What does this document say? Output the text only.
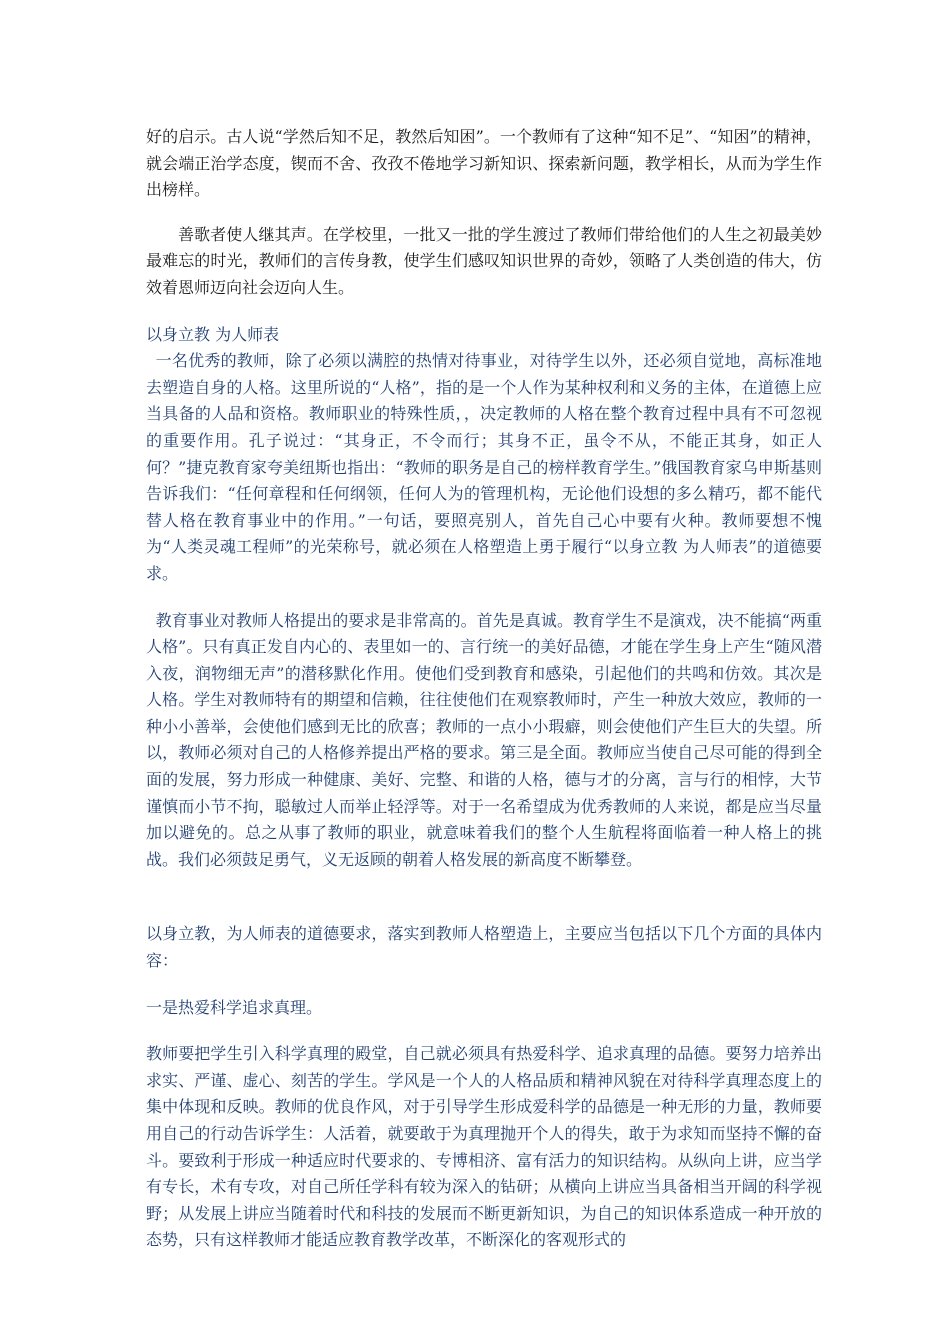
好的启示。古人说“学然后知不足，教然后知困”。一个教师有了这种“知不足”、“知困”的精神，就会端正治学态度，锲而不舍、孜孜不倦地学习新知识、探索新问题，教学相长，从而为学生作出榜样。

善歌者使人继其声。在学校里，一批又一批的学生渡过了教师们带给他们的人生之初最美妙最难忘的时光，教师们的言传身教，使学生们感叹知识世界的奇妙，领略了人类创造的伟大，仿效着恩师迈向社会迈向人生。

以身立教 为人师表

一名优秀的教师，除了必须以满腔的热情对待事业，对待学生以外，还必须自觉地，高标准地去塑造自身的人格。这里所说的“人格”，指的是一个人作为某种权利和义务的主体，在道德上应当具备的人品和资格。教师职业的特殊性质，，决定教师的人格在整个教育过程中具有不可忽视的重要作用。孔子说过：“其身正，不令而行；其身不正，虽令不从，不能正其身，如正人何？”捷克教育家夸美纽斯也指出：“教师的职务是自己的榜样教育学生。”俄国教育家乌申斯基则告诉我们：“任何章程和任何纲领，任何人为的管理机构，无论他们设想的多么精巧，都不能代替人格在教育事业中的作用。”一句话，要照亮别人，首先自己心中要有火种。教师要想不愧为“人类灵魂工程师”的光荣称号，就必须在人格塑造上勇于履行“以身立教 为人师表”的道德要求。

教育事业对教师人格提出的要求是非常高的。首先是真诚。教育学生不是演戏，决不能搞“两重人格”。只有真正发自内心的、表里如一的、言行统一的美好品德，才能在学生身上产生“随风潜入夜，润物细无声”的潜移默化作用。使他们受到教育和感染，引起他们的共鸣和仿效。其次是人格。学生对教师特有的期望和信赖，往往使他们在观察教师时，产生一种放大效应，教师的一种小小善举，会使他们感到无比的欣喜；教师的一点小小瑕癖，则会使他们产生巨大的失望。所以，教师必须对自己的人格修养提出严格的要求。第三是全面。教师应当使自己尽可能的得到全面的发展，努力形成一种健康、美好、完整、和谐的人格，德与才的分离，言与行的相悖，大节谨慎而小节不拘，聪敏过人而举止轻浮等。对于一名希望成为优秀教师的人来说，都是应当尽量加以避免的。总之从事了教师的职业，就意味着我们的整个人生航程将面临着一种人格上的挑战。我们必须鼓足勇气，义无返顾的朝着人格发展的新高度不断攀登。

以身立教，为人师表的道德要求，落实到教师人格塑造上，主要应当包括以下几个方面的具体内容：

一是热爱科学追求真理。

教师要把学生引入科学真理的殿堂，自己就必须具有热爱科学、追求真理的品德。要努力培养出求实、严谨、虚心、刻苦的学生。学风是一个人的人格品质和精神风貌在对待科学真理态度上的集中体现和反映。教师的优良作风，对于引导学生形成爱科学的品德是一种无形的力量，教师要用自己的行动告诉学生：人活着，就要敢于为真理抛开个人的得失，敢于为求知而坚持不懈的奋斗。要致利于形成一种适应时代要求的、专博相济、富有活力的知识结构。从纵向上讲，应当学有专长，术有专攻，对自己所任学科有较为深入的钻研；从横向上讲应当具备相当开阔的科学视野；从发展上讲应当随着时代和科技的发展而不断更新知识，为自己的知识体系造成一种开放的态势，只有这样教师才能适应教育教学改革，不断深化的客观形式的
